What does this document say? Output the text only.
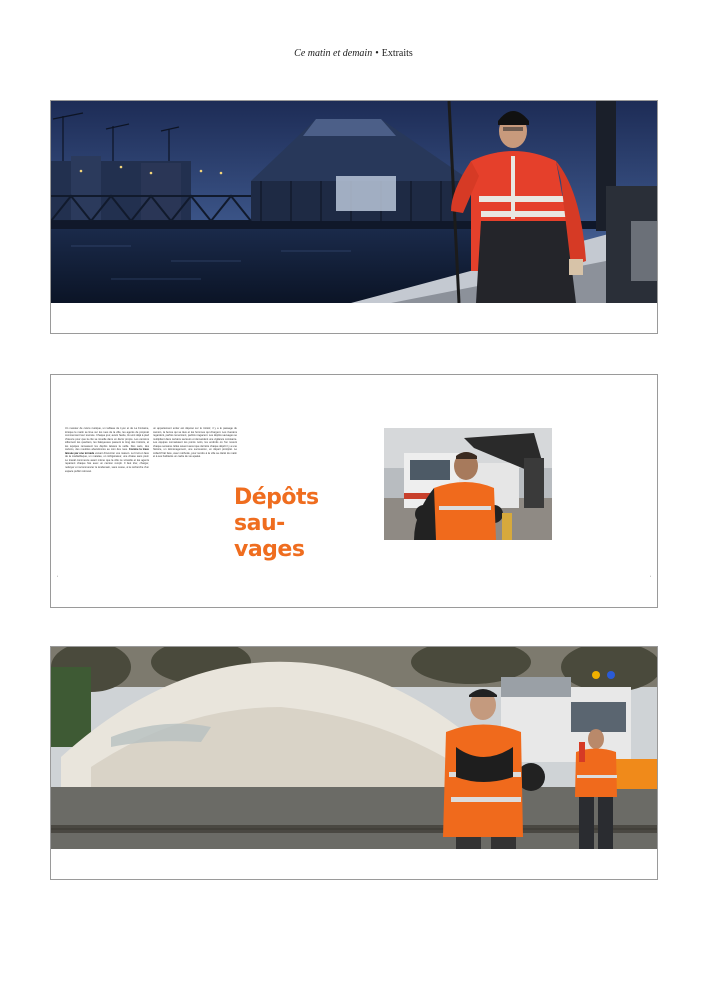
Ce matin et demain • Extraits
Un messier de cuivre rustique, un tableau de Lyon et de La Fontaine, lorsque le matin se lève sur les rues de la ville, les agents de propreté commencent leur tournée. Chaque jour, avant l'aube, ils sont déjà à pied d'œuvre pour que la cité se réveille dans un décor propre. Les camions sillonnent les quartiers, les balayeuses passent le long des trottoirs, et les équipes ramassent les dépôts laissés la veille. Des sacs, des cartons, des meubles abandonnés au coin des rues. Comme la trace laissée par une tornade venant d'éventrer une maison. Le bruit en face de la médiathèque, un matelas, un réfrigérateur, une chaise sans pied. Le travail commence avant même que la ville ne s'éveille et les agents repartent chaque fois avec un camion rempli. Il faut trier, charger, nettoyer et recommencer le lendemain, sans cesse, à la recherche d'un espace public retrouvé.
un appartement entier est déposé sur le trottoir, il y a le passage du camion, la benne qui se lève et les hommes qui chargent. Les riverains regardent, parfois remercient, parfois s'agacent. Les dépôts sauvages se multiplient dans certains secteurs et demandent une vigilance constante. Les équipes connaissent les points noirs, les endroits où l'on revient chaque semaine. Elles savent aussi que derrière chaque dépôt il y a une histoire, un déménagement, une succession, un départ précipité. Le collectif fait face, avec méthode, pour rendre à la ville sa clarté du matin et à ses habitants un cadre de vie apaisé.
Dépôts
sau-
vages
•	•
